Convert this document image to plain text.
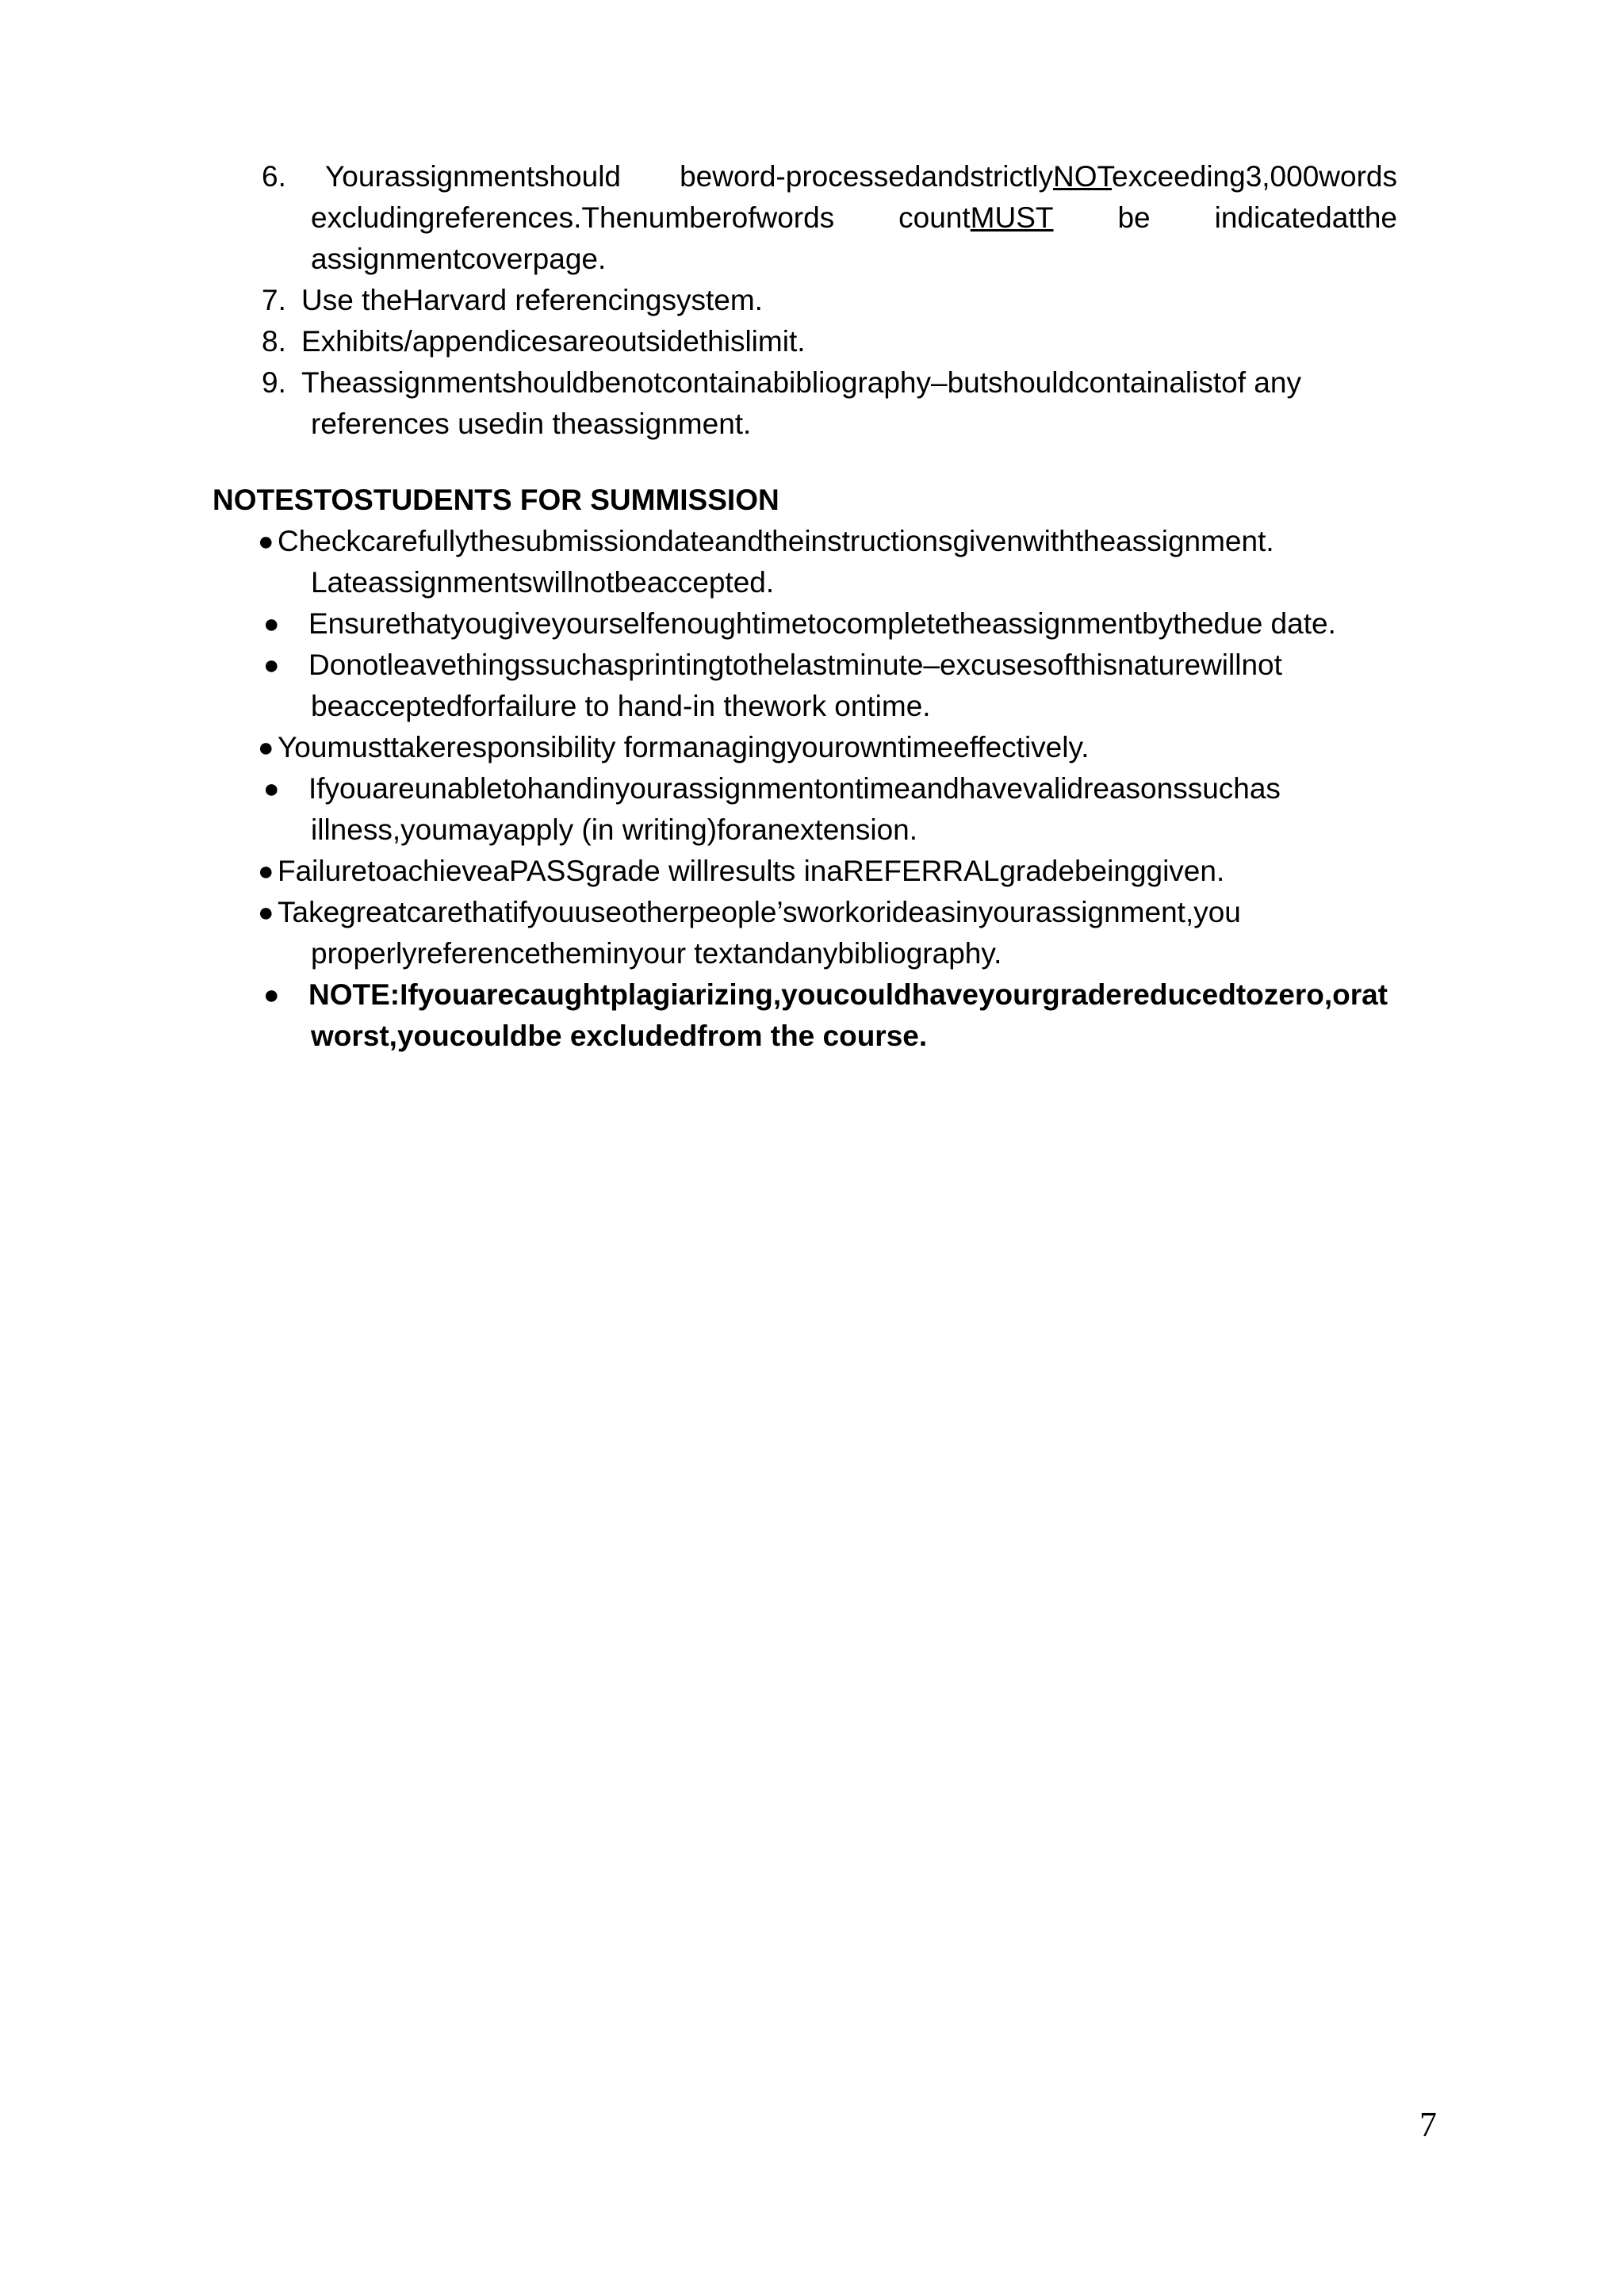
6. Yourassignmentshould beword-processedandstrictlyNOTexceeding3,000words
excludingreferences.Thenumberofwords countMUST be indicatedatthe
assignmentcoverpage.
7. Use theHarvard referencingsystem.
8. Exhibits/appendicesareoutsidethislimit.
9. Theassignmentshouldbenotcontainabibliography–butshouldcontainalistof any
references usedin theassignment.
NOTESTOSTUDENTS FOR SUMMISSION
● Checkcarefullythesubmissiondateandtheinstructionsgivenwiththeassignment.
Lateassignmentswillnotbeaccepted.
● Ensurethatyougiveyourselfenoughtimetocompletetheassignmentbythedue date.
● Donotleavethingssuchasprintingtothelastminute–excusesofthisnaturewillnot
beacceptedforfailure to hand-in thework ontime.
● Youmusttakeresponsibility formanagingyourowntimeeffectively.
● Ifyouareunabletohandinyourassignmentontimeandhavevalidreasonssuchas
illness,youmayapply (in writing)foranextension.
● FailuretoachieveaPASSgrade willresults inaREFERRALgradebeinggiven.
● Takegreatcarethatifyouuseotherpeople’sworkorideasinyourassignment,you
properlyreferencetheminyour textandanybibliography.
● NOTE:Ifyouarecaughtplagiarizing,youcouldhaveyourgradereducedtozero,orat
worst,youcouldbe excludedfrom the course.
7
